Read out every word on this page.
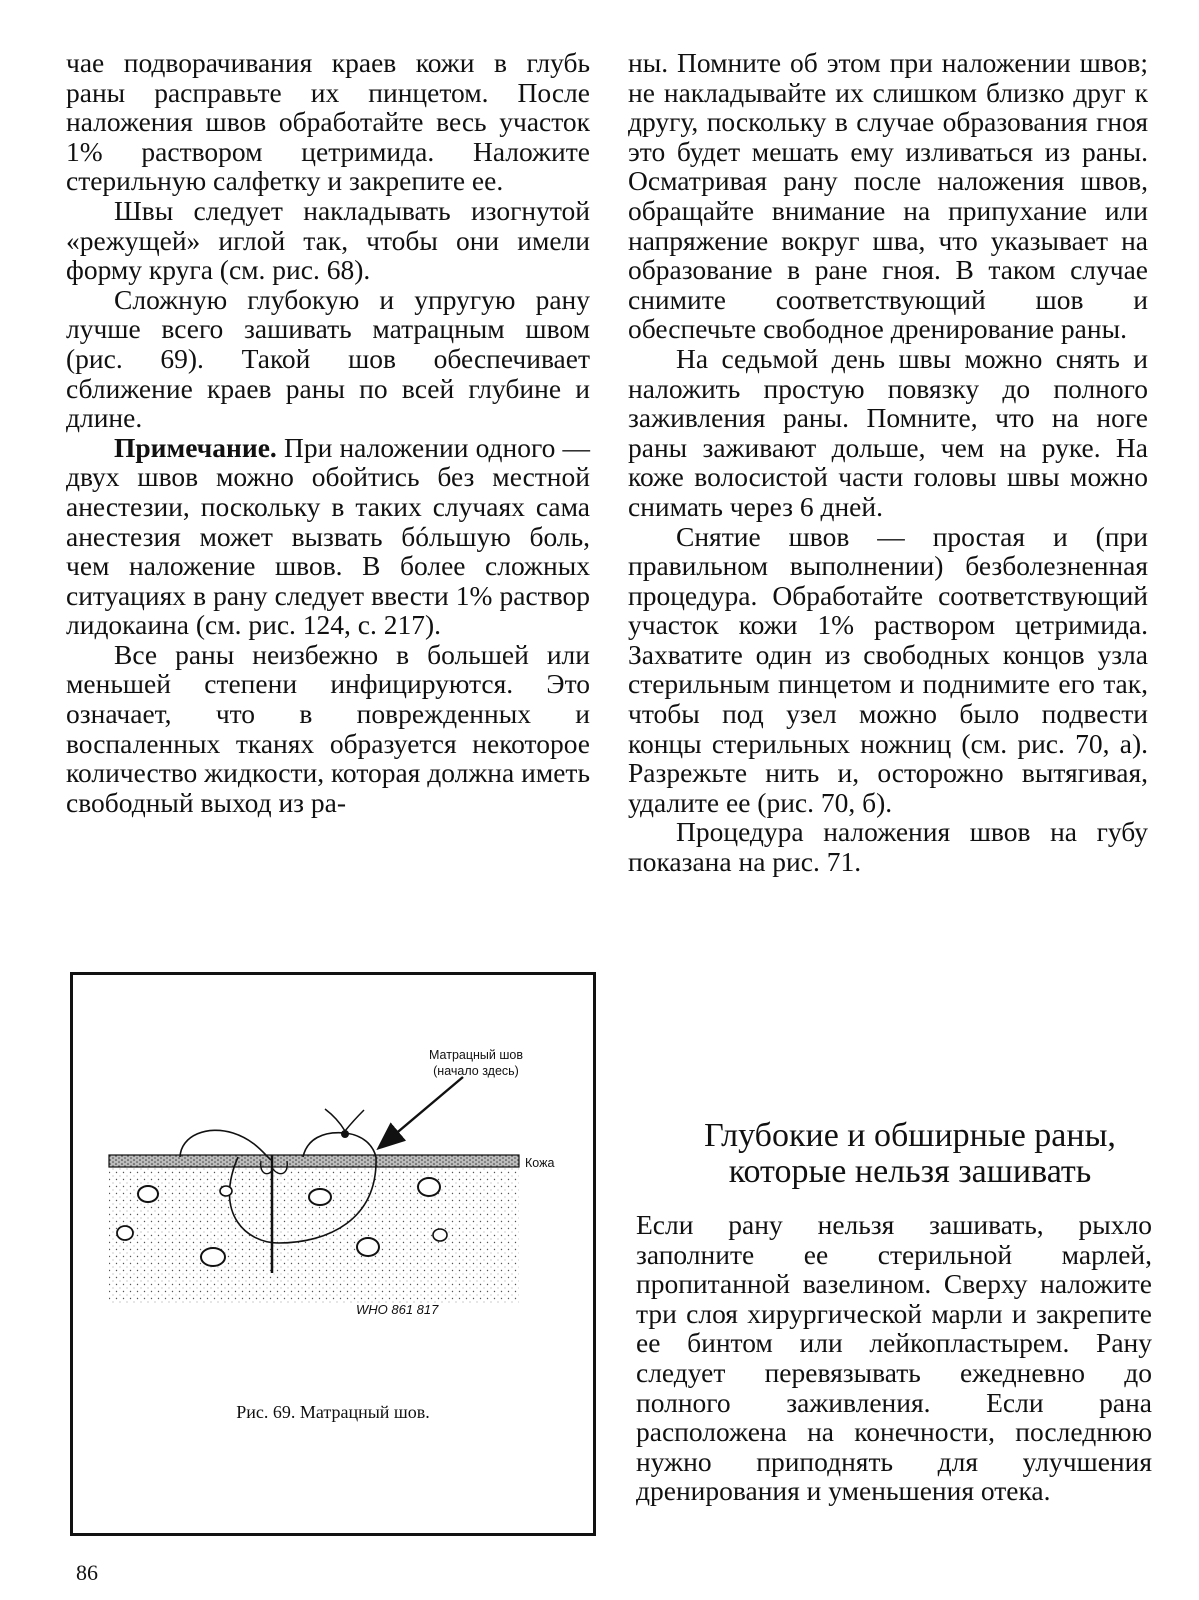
чае подворачивания краев кожи в глубь раны расправьте их пинцетом. После наложения швов обработайте весь участок 1% раствором цетримида. Наложите стерильную салфетку и закрепите ее.

Швы следует накладывать изогнутой «режущей» иглой так, чтобы они имели форму круга (см. рис. 68).

Сложную глубокую и упругую рану лучше всего зашивать матрацным швом (рис. 69). Такой шов обеспечивает сближение краев раны по всей глубине и длине.

Примечание. При наложении одного — двух швов можно обойтись без местной анестезии, поскольку в таких случаях сама анестезия может вызвать бóльшую боль, чем наложение швов. В более сложных ситуациях в рану следует ввести 1% раствор лидокаина (см. рис. 124, с. 217).

Все раны неизбежно в большей или меньшей степени инфицируются. Это означает, что в поврежденных и воспаленных тканях образуется некоторое количество жидкости, которая должна иметь свободный выход из ра-

ны. Помните об этом при наложении швов; не накладывайте их слишком близко друг к другу, поскольку в случае образования гноя это будет мешать ему изливаться из раны. Осматривая рану после наложения швов, обращайте внимание на припухание или напряжение вокруг шва, что указывает на образование в ране гноя. В таком случае снимите соответствующий шов и обеспечьте свободное дренирование раны.

На седьмой день швы можно снять и наложить простую повязку до полного заживления раны. Помните, что на ноге раны заживают дольше, чем на руке. На коже волосистой части головы швы можно снимать через 6 дней.

Снятие швов — простая и (при правильном выполнении) безболезненная процедура. Обработайте соответствующий участок кожи 1% раствором цетримида. Захватите один из свободных концов узла стерильным пинцетом и поднимите его так, чтобы под узел можно было подвести концы стерильных ножниц (см. рис. 70, а). Разрежьте нить и, осторожно вытягивая, удалите ее (рис. 70, б).

Процедура наложения швов на губу показана на рис. 71.

Матрацный шов
(начало здесь)
Кожа
WHO 861 817
Рис. 69. Матрацный шов.
Глубокие и обширные раны,
которые нельзя зашивать
Если рану нельзя зашивать, рыхло заполните ее стерильной марлей, пропитанной вазелином. Сверху наложите три слоя хирургической марли и закрепите ее бинтом или лейкопластырем. Рану следует перевязывать ежедневно до полного заживления. Если рана расположена на конечности, последнюю нужно приподнять для улучшения дренирования и уменьшения отека.
86
